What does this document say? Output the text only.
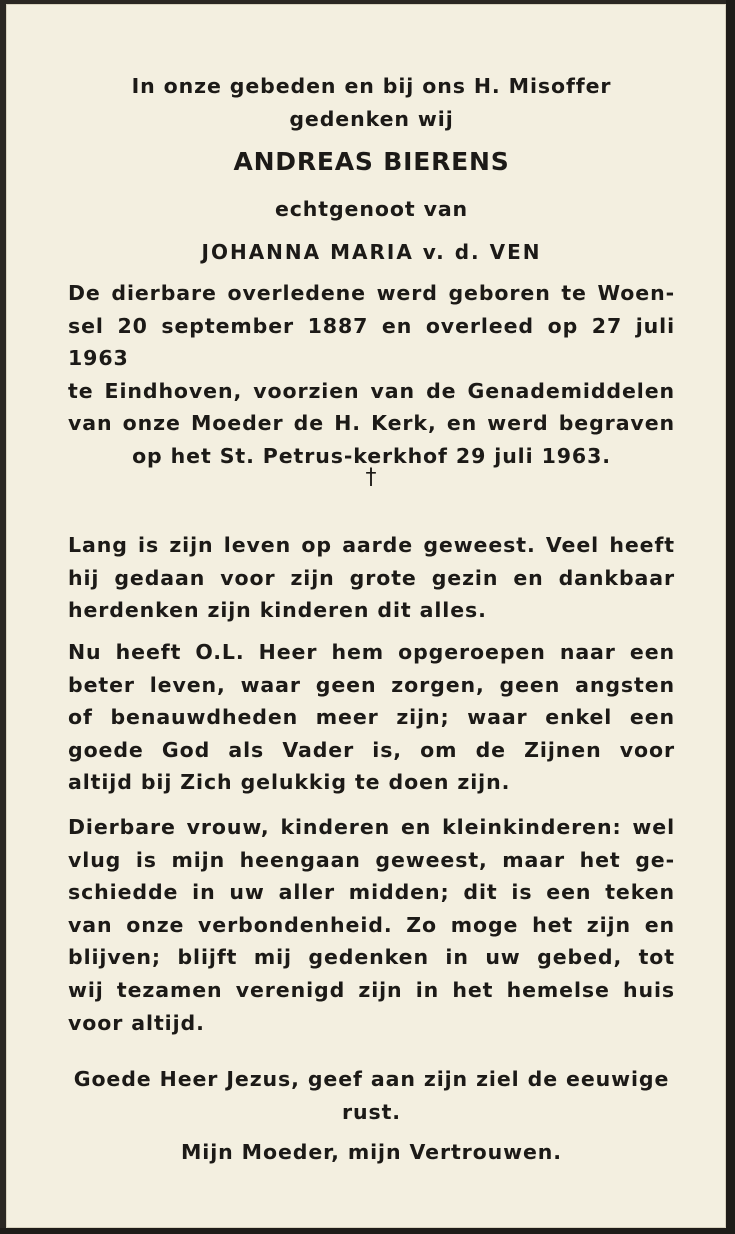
In onze gebeden en bij ons H. Misoffer

gedenken wij

ANDREAS BIERENS
echtgenoot van
JOHANNA MARIA v. d. VEN

De dierbare overledene werd geboren te Woen-

sel 20 september 1887 en overleed op 27 juli 1963

te Eindhoven, voorzien van de Genademiddelen

van onze Moeder de H. Kerk, en werd begraven

op het St. Petrus-kerkhof 29 juli 1963.

†

Lang is zijn leven op aarde geweest. Veel heeft

hij gedaan voor zijn grote gezin en dankbaar

herdenken zijn kinderen dit alles.

Nu heeft O.L. Heer hem opgeroepen naar een

beter leven, waar geen zorgen, geen angsten

of benauwdheden meer zijn; waar enkel een

goede God als Vader is, om de Zijnen voor

altijd bij Zich gelukkig te doen zijn.

Dierbare vrouw, kinderen en kleinkinderen: wel

vlug is mijn heengaan geweest, maar het ge-

schiedde in uw aller midden; dit is een teken

van onze verbondenheid. Zo moge het zijn en

blijven; blijft mij gedenken in uw gebed, tot

wij tezamen verenigd zijn in het hemelse huis

voor altijd.

Goede Heer Jezus, geef aan zijn ziel de eeuwige

rust.

Mijn Moeder, mijn Vertrouwen.
